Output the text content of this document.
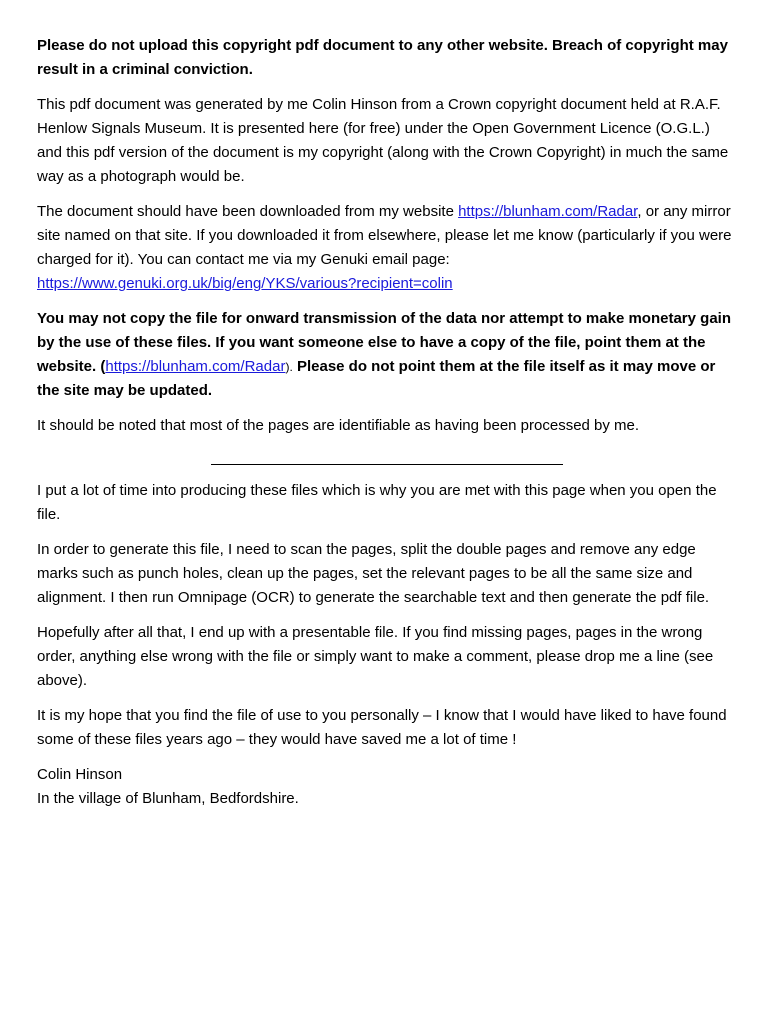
Please do not upload this copyright pdf document to any other website. Breach of copyright may result in a criminal conviction.

This pdf document was generated by me Colin Hinson from a Crown copyright document held at R.A.F. Henlow Signals Museum. It is presented here (for free) under the Open Government Licence (O.G.L.) and this pdf version of the document is my copyright (along with the Crown Copyright) in much the same way as a photograph would be.

The document should have been downloaded from my website https://blunham.com/Radar, or any mirror site named on that site. If you downloaded it from elsewhere, please let me know (particularly if you were charged for it). You can contact me via my Genuki email page: https://www.genuki.org.uk/big/eng/YKS/various?recipient=colin

You may not copy the file for onward transmission of the data nor attempt to make monetary gain by the use of these files. If you want someone else to have a copy of the file, point them at the website. (https://blunham.com/Radar). Please do not point them at the file itself as it may move or the site may be updated.

It should be noted that most of the pages are identifiable as having been processed by me.

I put a lot of time into producing these files which is why you are met with this page when you open the file.

In order to generate this file, I need to scan the pages, split the double pages and remove any edge marks such as punch holes, clean up the pages, set the relevant pages to be all the same size and alignment. I then run Omnipage (OCR) to generate the searchable text and then generate the pdf file.

Hopefully after all that, I end up with a presentable file. If you find missing pages, pages in the wrong order, anything else wrong with the file or simply want to make a comment, please drop me a line (see above).

It is my hope that you find the file of use to you personally – I know that I would have liked to have found some of these files years ago – they would have saved me a lot of time !

Colin Hinson

In the village of Blunham, Bedfordshire.
